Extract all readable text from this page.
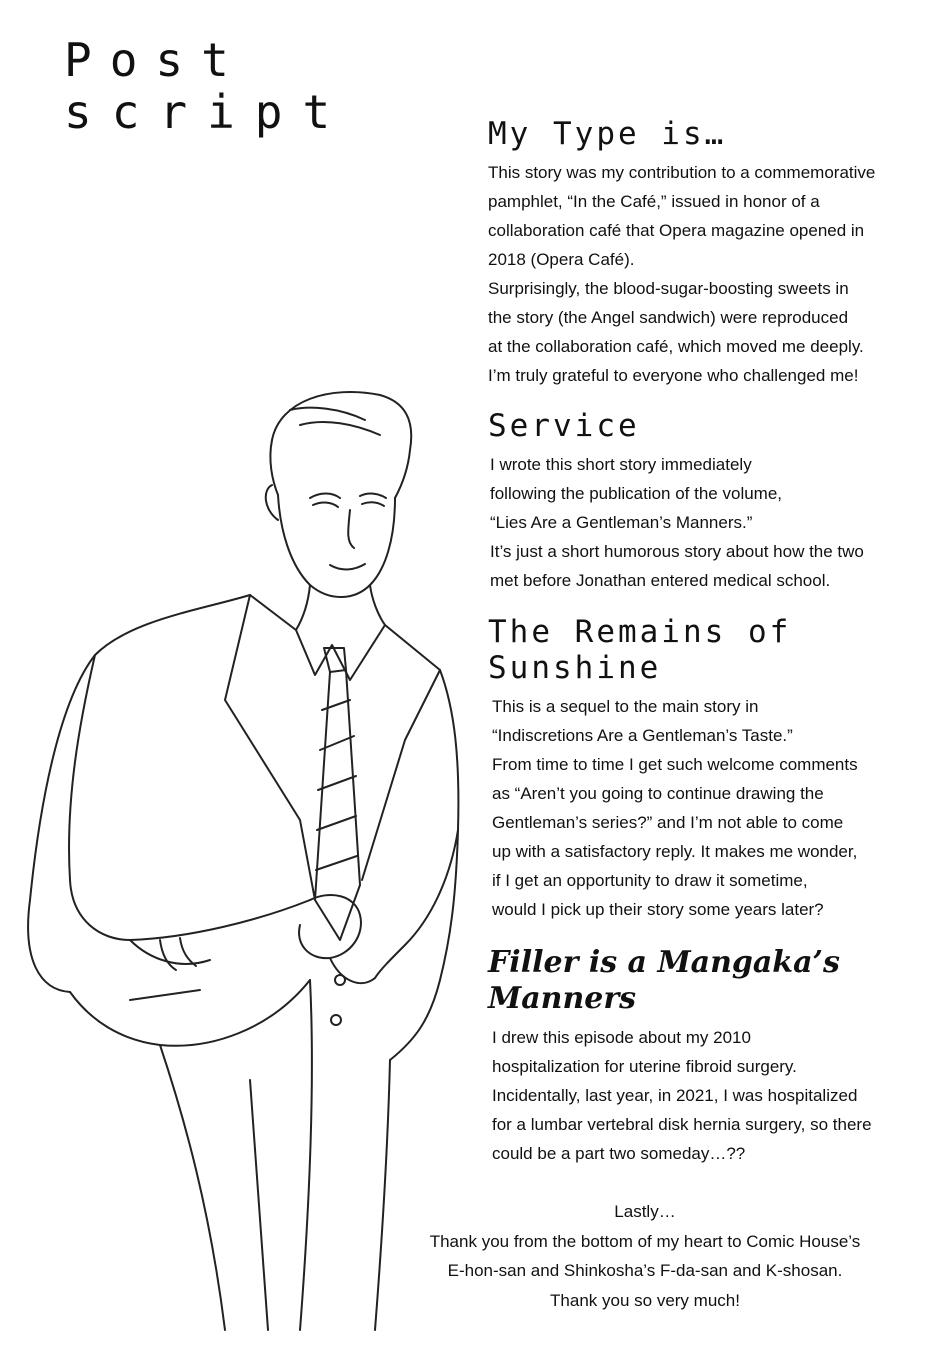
Post
script	My Type is…

This story was my contribution to a commemorative
pamphlet, “In the Café,” issued in honor of a
collaboration café that Opera magazine opened in
2018 (Opera Café).
Surprisingly, the blood-sugar-boosting sweets in
the story (the Angel sandwich) were reproduced
at the collaboration café, which moved me deeply.
I’m truly grateful to everyone who challenged me!

Service

I wrote this short story immediately
following the publication of the volume,
“Lies Are a Gentleman’s Manners.”
It’s just a short humorous story about how the two
met before Jonathan entered medical school.

The Remains of
Sunshine

This is a sequel to the main story in
“Indiscretions Are a Gentleman’s Taste.”
From time to time I get such welcome comments
as “Aren’t you going to continue drawing the
Gentleman’s series?” and I’m not able to come
up with a satisfactory reply. It makes me wonder,
if I get an opportunity to draw it sometime,
would I pick up their story some years later?

Filler is a Mangaka’s
Manners

I drew this episode about my 2010
hospitalization for uterine fibroid surgery.
Incidentally, last year, in 2021, I was hospitalized
for a lumbar vertebral disk hernia surgery, so there
could be a part two someday…??

Lastly…
Thank you from the bottom of my heart to Comic House’s
E-hon-san and Shinkosha’s F-da-san and K-shosan.
Thank you so very much!
